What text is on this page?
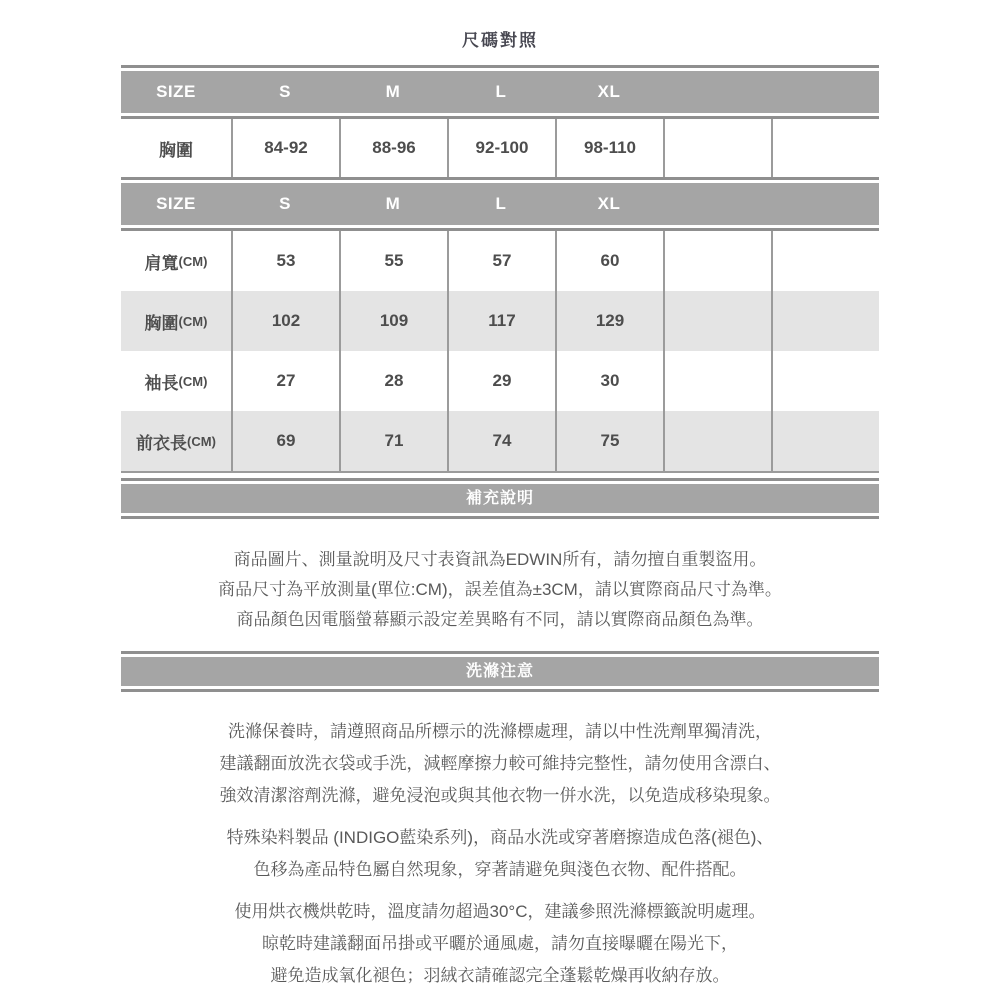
尺碼對照
SIZE	S	M	L	XL
胸圍	84-92	88-96	92-100	98-110
SIZE	S	M	L	XL
肩寬 (CM)	53	55	57	60
胸圍 (CM)	102	109	117	129
袖長 (CM)	27	28	29	30
前衣長 (CM)	69	71	74	75
補充說明
商品圖片、測量說明及尺寸表資訊為EDWIN所有，請勿擅自重製盜用。
商品尺寸為平放測量(單位:CM)，誤差值為±3CM，請以實際商品尺寸為準。
商品顏色因電腦螢幕顯示設定差異略有不同，請以實際商品顏色為準。
洗滌注意
洗滌保養時，請遵照商品所標示的洗滌標處理，請以中性洗劑單獨清洗，
建議翻面放洗衣袋或手洗，減輕摩擦力較可維持完整性，請勿使用含漂白、
強效清潔溶劑洗滌，避免浸泡或與其他衣物一併水洗，以免造成移染現象。
特殊染料製品 (INDIGO藍染系列)，商品水洗或穿著磨擦造成色落(褪色)、
色移為產品特色屬自然現象，穿著請避免與淺色衣物、配件搭配。
使用烘衣機烘乾時，溫度請勿超過30°C，建議參照洗滌標籤說明處理。
晾乾時建議翻面吊掛或平曬於通風處，請勿直接曝曬在陽光下，
避免造成氧化褪色；羽絨衣請確認完全蓬鬆乾燥再收納存放。
